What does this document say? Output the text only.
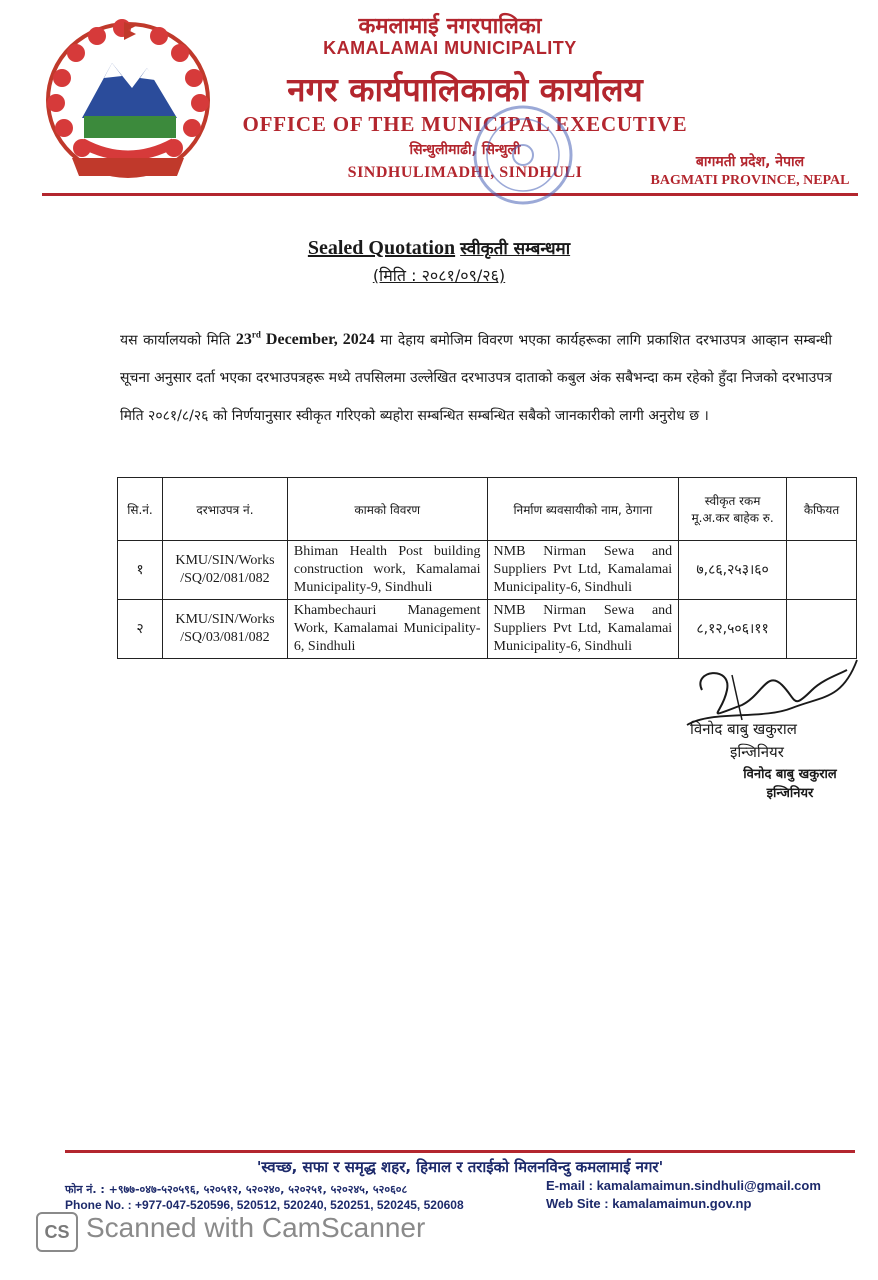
कमलामाई नगरपालिका
KAMALAMAI MUNICIPALITY
नगर कार्यपालिकाको कार्यालय
OFFICE OF THE MUNICIPAL EXECUTIVE
सिन्धुलीमाढी, सिन्धुली
SINDHULIMADHI, SINDHULI
बागमती प्रदेश, नेपाल
BAGMATI PROVINCE, NEPAL
Sealed Quotation स्वीकृती सम्बन्धमा
(मिति : २०८१/०९/२६)
यस कार्यालयको मिति 23rd December, 2024 मा देहाय बमोजिम विवरण भएका कार्यहरूका लागि प्रकाशित दरभाउपत्र आव्हान सम्बन्धी सूचना अनुसार दर्ता भएका दरभाउपत्रहरू मध्ये तपसिलमा उल्लेखित दरभाउपत्र दाताको कबुल अंक सबैभन्दा कम रहेको हुँदा निजको दरभाउपत्र मिति २०८१/८/२६ को निर्णयानुसार स्वीकृत गरिएको ब्यहोरा सम्बन्धित सम्बन्धित सबैको जानकारीको लागी अनुरोध छ ।
सि.नं.	दरभाउपत्र नं.	कामको विवरण	निर्माण ब्यवसायीको नाम, ठेगाना	स्वीकृत रकम मू.अ.कर बाहेक रु.	कैफियत
१	KMU/SIN/Works /SQ/02/081/082	Bhiman Health Post building construction work, Kamalamai Municipality-9, Sindhuli	NMB Nirman Sewa and Suppliers Pvt Ltd, Kamalamai Municipality-6, Sindhuli	७,८६,२५३।६०	
२	KMU/SIN/Works /SQ/03/081/082	Khambechauri Management Work, Kamalamai Municipality-6, Sindhuli	NMB Nirman Sewa and Suppliers Pvt Ltd, Kamalamai Municipality-6, Sindhuli	८,१२,५०६।११	
विनोद बाबु खकुराल
इन्जिनियर
विनोद बाबु खकुराल
इन्जिनियर
'स्वच्छ, सफा र समृद्ध शहर, हिमाल र तराईको मिलनविन्दु कमलामाई नगर'
फोन नं. : +९७७-०४७-५२०५९६, ५२०५१२, ५२०२४०, ५२०२५१, ५२०२४५, ५२०६०८
Phone No. : +977-047-520596, 520512, 520240, 520251, 520245, 520608
E-mail : kamalamaimun.sindhuli@gmail.com
Web Site : kamalamaimun.gov.np
CS Scanned with CamScanner
